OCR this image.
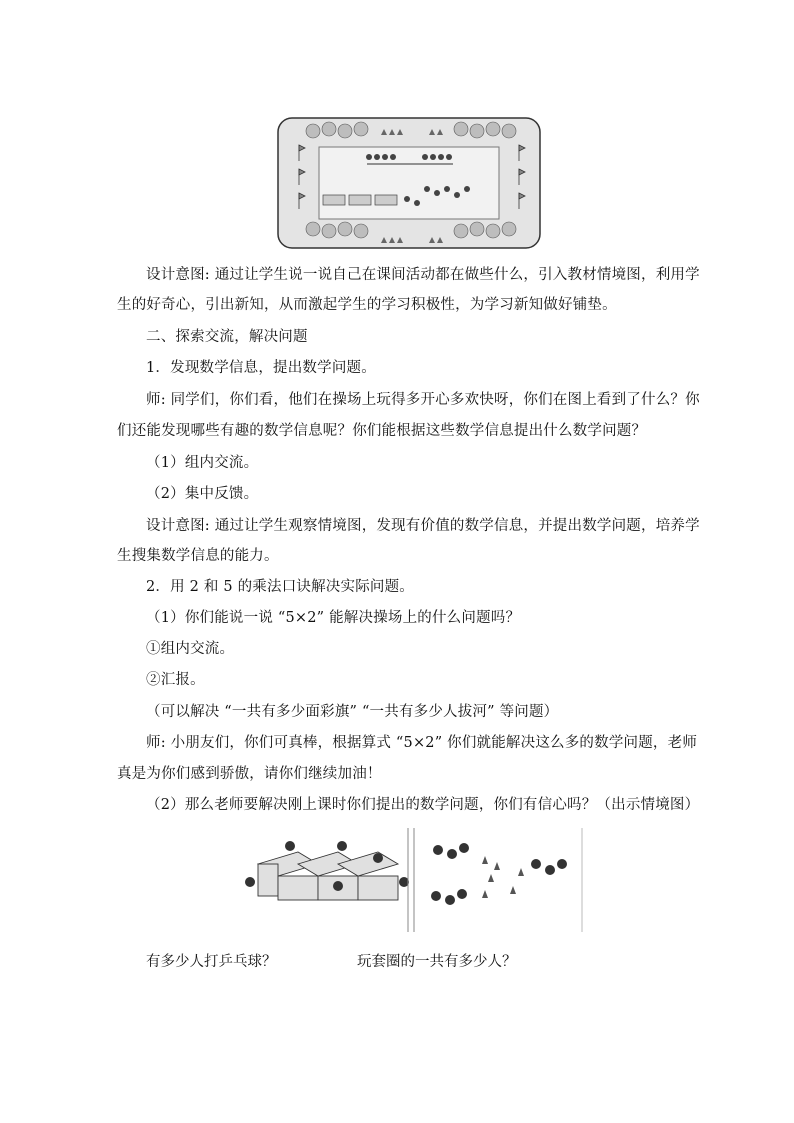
设计意图: 通过让学生说一说自己在课间活动都在做些什么，引入教材情境图，利用学
生的好奇心，引出新知，从而激起学生的学习积极性，为学习新知做好铺垫。
二、探索交流，解决问题
1．发现数学信息，提出数学问题。
师: 同学们，你们看，他们在操场上玩得多开心多欢快呀，你们在图上看到了什么？你
们还能发现哪些有趣的数学信息呢？你们能根据这些数学信息提出什么数学问题？
（1）组内交流。
（2）集中反馈。
设计意图: 通过让学生观察情境图，发现有价值的数学信息，并提出数学问题，培养学
生搜集数学信息的能力。
2．用 2 和 5 的乘法口诀解决实际问题。
（1）你们能说一说 “5×2” 能解决操场上的什么问题吗？
①组内交流。
②汇报。
（可以解决 “一共有多少面彩旗” “一共有多少人拔河” 等问题）
师: 小朋友们，你们可真棒，根据算式 “5×2” 你们就能解决这么多的数学问题，老师
真是为你们感到骄傲，请你们继续加油！
（2）那么老师要解决刚上课时你们提出的数学问题，你们有信心吗？（出示情境图）
有多少人打乒乓球？	玩套圈的一共有多少人？
